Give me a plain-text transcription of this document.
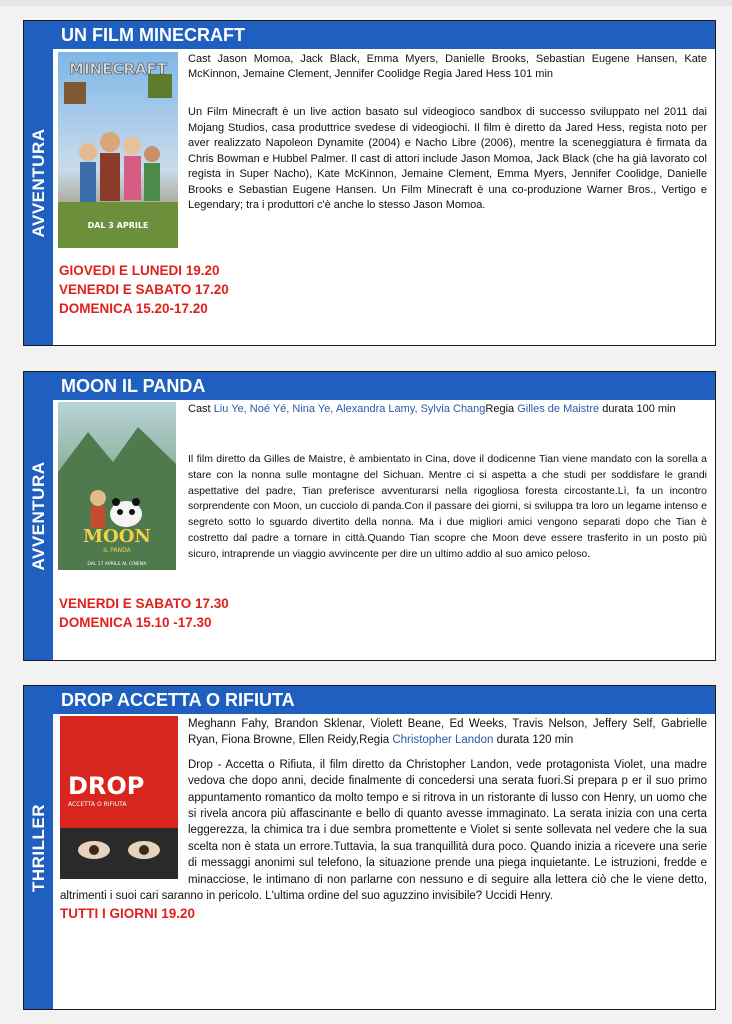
AVVENTURA
UN FILM MINECRAFT
MINECRAFT
DAL 3 APRILE

Cast Jason Momoa, Jack Black, Emma Myers, Danielle Brooks, Sebastian Eugene Hansen, Kate McKinnon, Jemaine Clement, Jennifer Coolidge Regia Jared Hess 101 min

Un Film Minecraft è un live action basato sul videogioco sandbox di successo sviluppato nel 2011 dai Mojang Studios, casa produttrice svedese di videogiochi. Il film è diretto da Jared Hess, regista noto per aver realizzato Napoleon Dynamite (2004) e Nacho Libre (2006), mentre la sceneggiatura è firmata da Chris Bowman e Hubbel Palmer. Il cast di attori include Jason Momoa, Jack Black (che ha già lavorato col regista in Super Nacho), Kate McKinnon, Jemaine Clement, Emma Myers, Jennifer Coolidge, Danielle Brooks e Sebastian Eugene Hansen. Un Film Minecraft è una co-produzione Warner Bros., Vertigo e Legendary; tra i produttori c'è anche lo stesso Jason Momoa.

GIOVEDI E LUNEDI 19.20
VENERDI E SABATO 17.20
DOMENICA 15.20-17.20
AVVENTURA
MOON IL PANDA
MOON
IL PANDA
DAL 17 APRILE AL CINEMA

Cast Liu Ye, Noé Yé, Nina Ye, Alexandra Lamy, Sylvia ChangRegia Gilles de Maistre durata 100 min

Il film diretto da Gilles de Maistre, è ambientato in Cina, dove il dodicenne Tian viene mandato con la sorella a stare con la nonna sulle montagne del Sichuan. Mentre ci si aspetta a che studi per soddisfare le grandi aspettative del padre, Tian preferisce avventurarsi nella rigogliosa foresta circostante.Lì, fa un incontro sorprendente con Moon, un cucciolo di panda.Con il passare dei giorni, si sviluppa tra loro un legame intenso e segreto sotto lo sguardo divertito della nonna. Ma i due migliori amici vengono separati dopo che Tian è costretto dal padre a tornare in città.Quando Tian scopre che Moon deve essere trasferito in un posto più sicuro, intraprende un viaggio avvincente per dire un ultimo addio al suo amico peloso.

VENERDI E SABATO 17.30
DOMENICA 15.10 -17.30
THRILLER
DROP ACCETTA O RIFIUTA
DROP
ACCETTA O RIFIUTA

Meghann Fahy, Brandon Sklenar, Violett Beane, Ed Weeks, Travis Nelson, Jeffery Self, Gabrielle Ryan, Fiona Browne, Ellen Reidy,Regia Christopher Landon durata 120 min

Drop - Accetta o Rifiuta, il film diretto da Christopher Landon, vede protagonista Violet, una madre vedova che dopo anni, decide finalmente di concedersi una serata fuori.Si prepara p er il suo primo appuntamento romantico da molto tempo e si ritrova in un ristorante di lusso con Henry, un uomo che si rivela ancora più affascinante e bello di quanto avesse immaginato. La serata inizia con una certa leggerezza, la chimica tra i due sembra promettente e Violet si sente sollevata nel vedere che la sua scelta non è stata un errore.Tuttavia, la sua tranquillità dura poco. Quando inizia a ricevere una serie di messaggi anonimi sul telefono, la situazione prende una piega inquietante. Le istruzioni, fredde e minacciose, le intimano di non parlarne con nessuno e di seguire alla lettera ciò che le viene detto, altrimenti i suoi cari saranno in pericolo. L'ultima ordine del suo aguzzino invisibile? Uccidi Henry.

TUTTI I GIORNI 19.20
